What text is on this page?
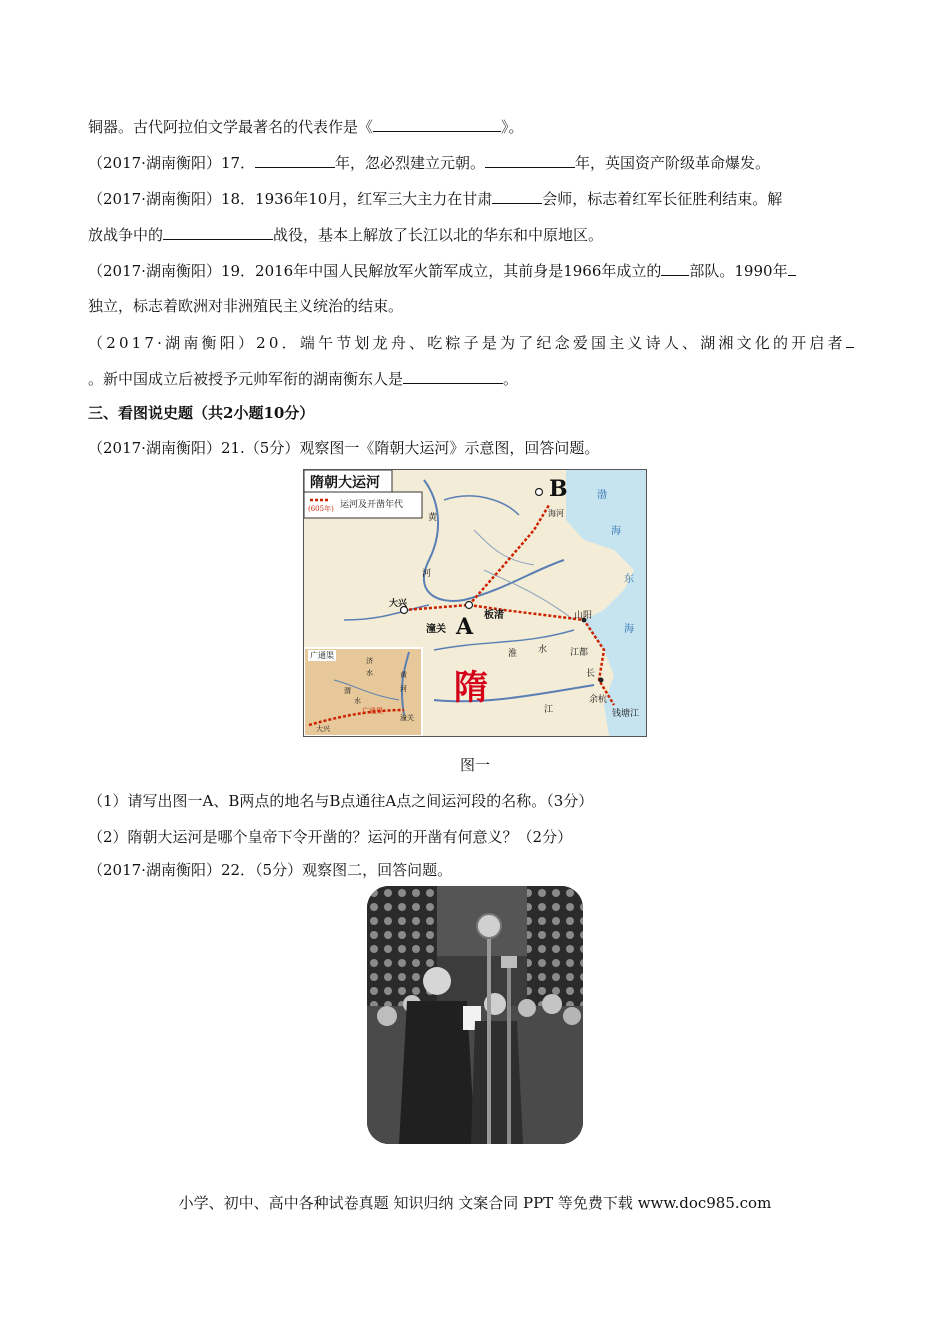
铜器。古代阿拉伯文学最著名的代表作是《	》。
（2017·湖南衡阳）17．	年，忽必烈建立元朝。	年，英国资产阶级革命爆发。
（2017·湖南衡阳）18．1936年10月，红军三大主力在甘肃	会师，标志着红军长征胜利结束。解
放战争中的	战役，基本上解放了长江以北的华东和中原地区。
（2017·湖南衡阳）19．2016年中国人民解放军火箭军成立，其前身是1966年成立的 部队。1990年
独立，标志着欧洲对非洲殖民主义统治的结束。
（2017·湖南衡阳）20．端午节划龙舟、吃粽子是为了纪念爱国主义诗人、湖湘文化的开启者
。新中国成立后被授予元帅军衔的湖南衡东人是	。
三、看图说史题（共2小题10分）
（2017·湖南衡阳）21.（5分）观察图一《隋朝大运河》示意图，回答问题。
隋朝大运河
(605年) 运河及开凿年代
A
B
隋
大兴
潼关
板渚	山阳
江都
余杭
钱塘江
海河
渤
海
东
海
黄
河
淮 水
长
江
广通渠
济
水
渭
水
黄
河
广通渠
潼关
大兴
图一
（1）请写出图一A、B两点的地名与B点通往A点之间运河段的名称。（3分）
（2）隋朝大运河是哪个皇帝下令开凿的？运河的开凿有何意义？（2分）
（2017·湖南衡阳）22．（5分）观察图二，回答问题。
小学、初中、高中各种试卷真题 知识归纳 文案合同 PPT 等免费下载 www.doc985.com
